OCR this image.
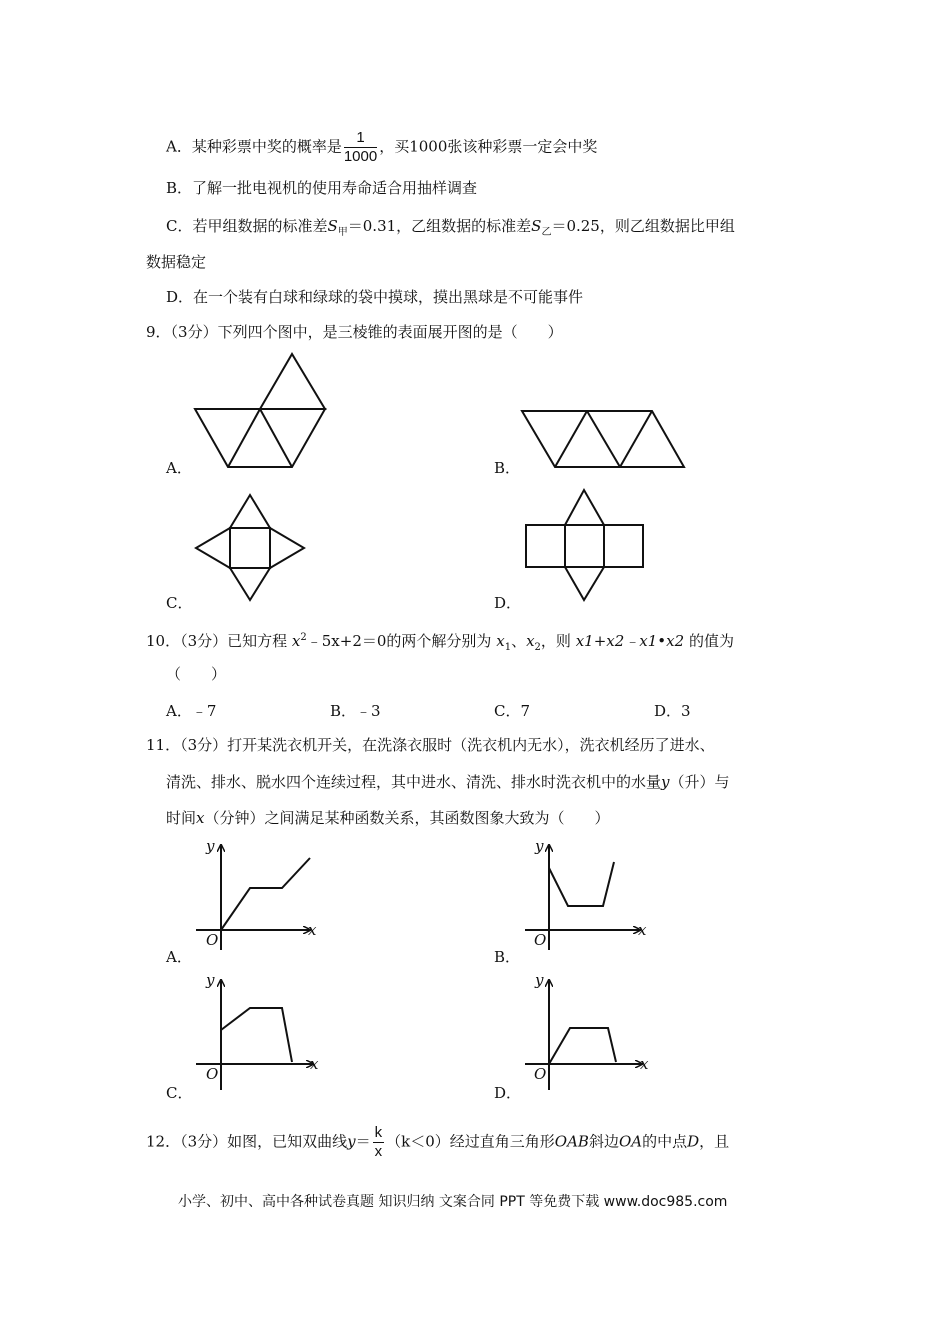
A．某种彩票中奖的概率是 $\frac{1}{1000}$ ，买1000张该种彩票一定会中奖
B．了解一批电视机的使用寿命适合用抽样调查
C．若甲组数据的标准差$S_甲=0.31$，乙组数据的标准差$S_乙=0.25$，则乙组数据比甲组
数据稳定
D．在一个装有白球和绿球的袋中摸球，摸出黑球是不可能事件
9．（3分）下列四个图中，是三棱锥的表面展开图的是（　　）
A．	B．
C．	D．
10．（3分）已知方程 $x^2﹣5x+2=0$的两个解分别为 $x_1$、$x_2$，则 x1+x2﹣x1•x2 的值为
（　　）
A．﹣7	B．﹣3	C．7	D．3
11．（3分）打开某洗衣机开关，在洗涤衣服时（洗衣机内无水），洗衣机经历了进水、
清洗、排水、脱水四个连续过程，其中进水、清洗、排水时洗衣机中的水量y（升）与
时间x（分钟）之间满足某种函数关系，其函数图象大致为（　　）
y
x
O
y
x
O
y
x
O
y
x
O
A．	B．
C．	D．
12．（3分）如图，已知双曲线$y= \frac{k}{x} (k<0)$经过直角三角形OAB斜边OA的中点D，且
小学、初中、高中各种试卷真题 知识归纳 文案合同 PPT 等免费下载 www.doc985.com
